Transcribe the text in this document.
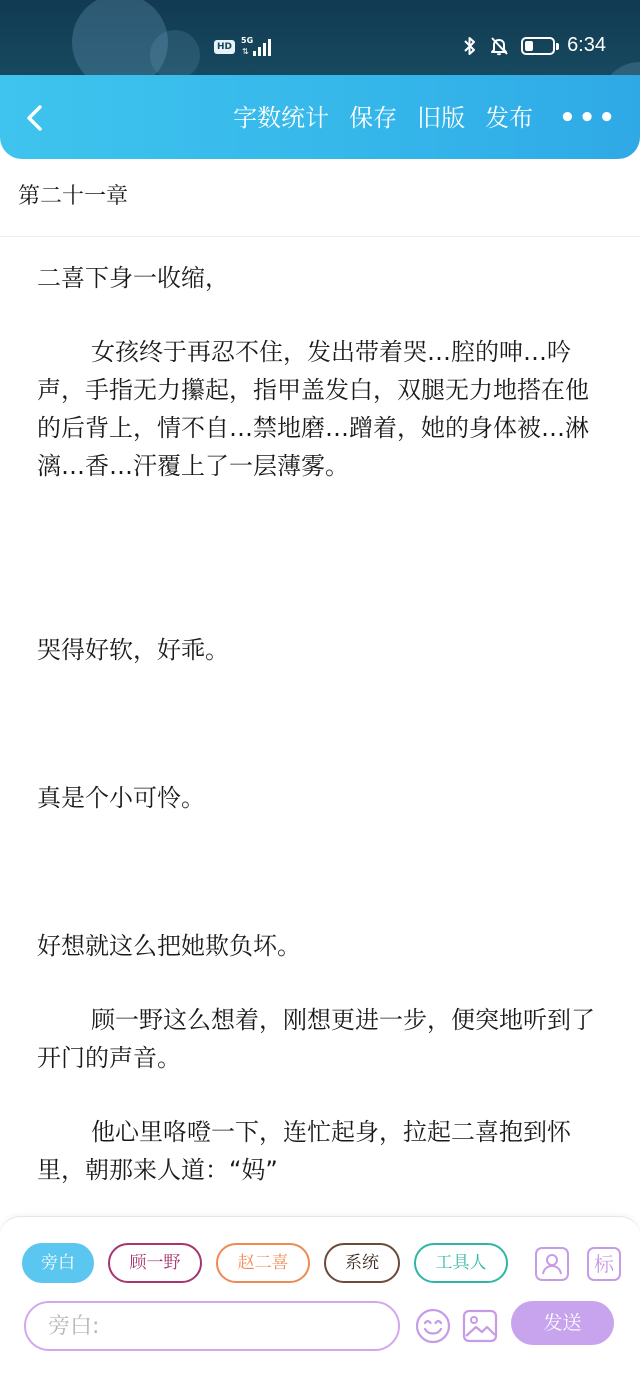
HD
5G
⇅	6:34
字数统计 保存 旧版 发布 •••
第二十一章

二喜下身一收缩，

女孩终于再忍不住，发出带着哭…腔的呻…吟声，手指无力攥起，指甲盖发白，双腿无力地搭在他的后背上，情不自…禁地磨…蹭着，她的身体被…淋漓…香…汗覆上了一层薄雾。

哭得好软，好乖。

真是个小可怜。

好想就这么把她欺负坏。

顾一野这么想着，刚想更进一步，便突地听到了开门的声音。

他心里咯噔一下，连忙起身，拉起二喜抱到怀里，朝那来人道：“妈”

旁白	顾一野	赵二喜	系统	工具人	标
旁白:
发送
